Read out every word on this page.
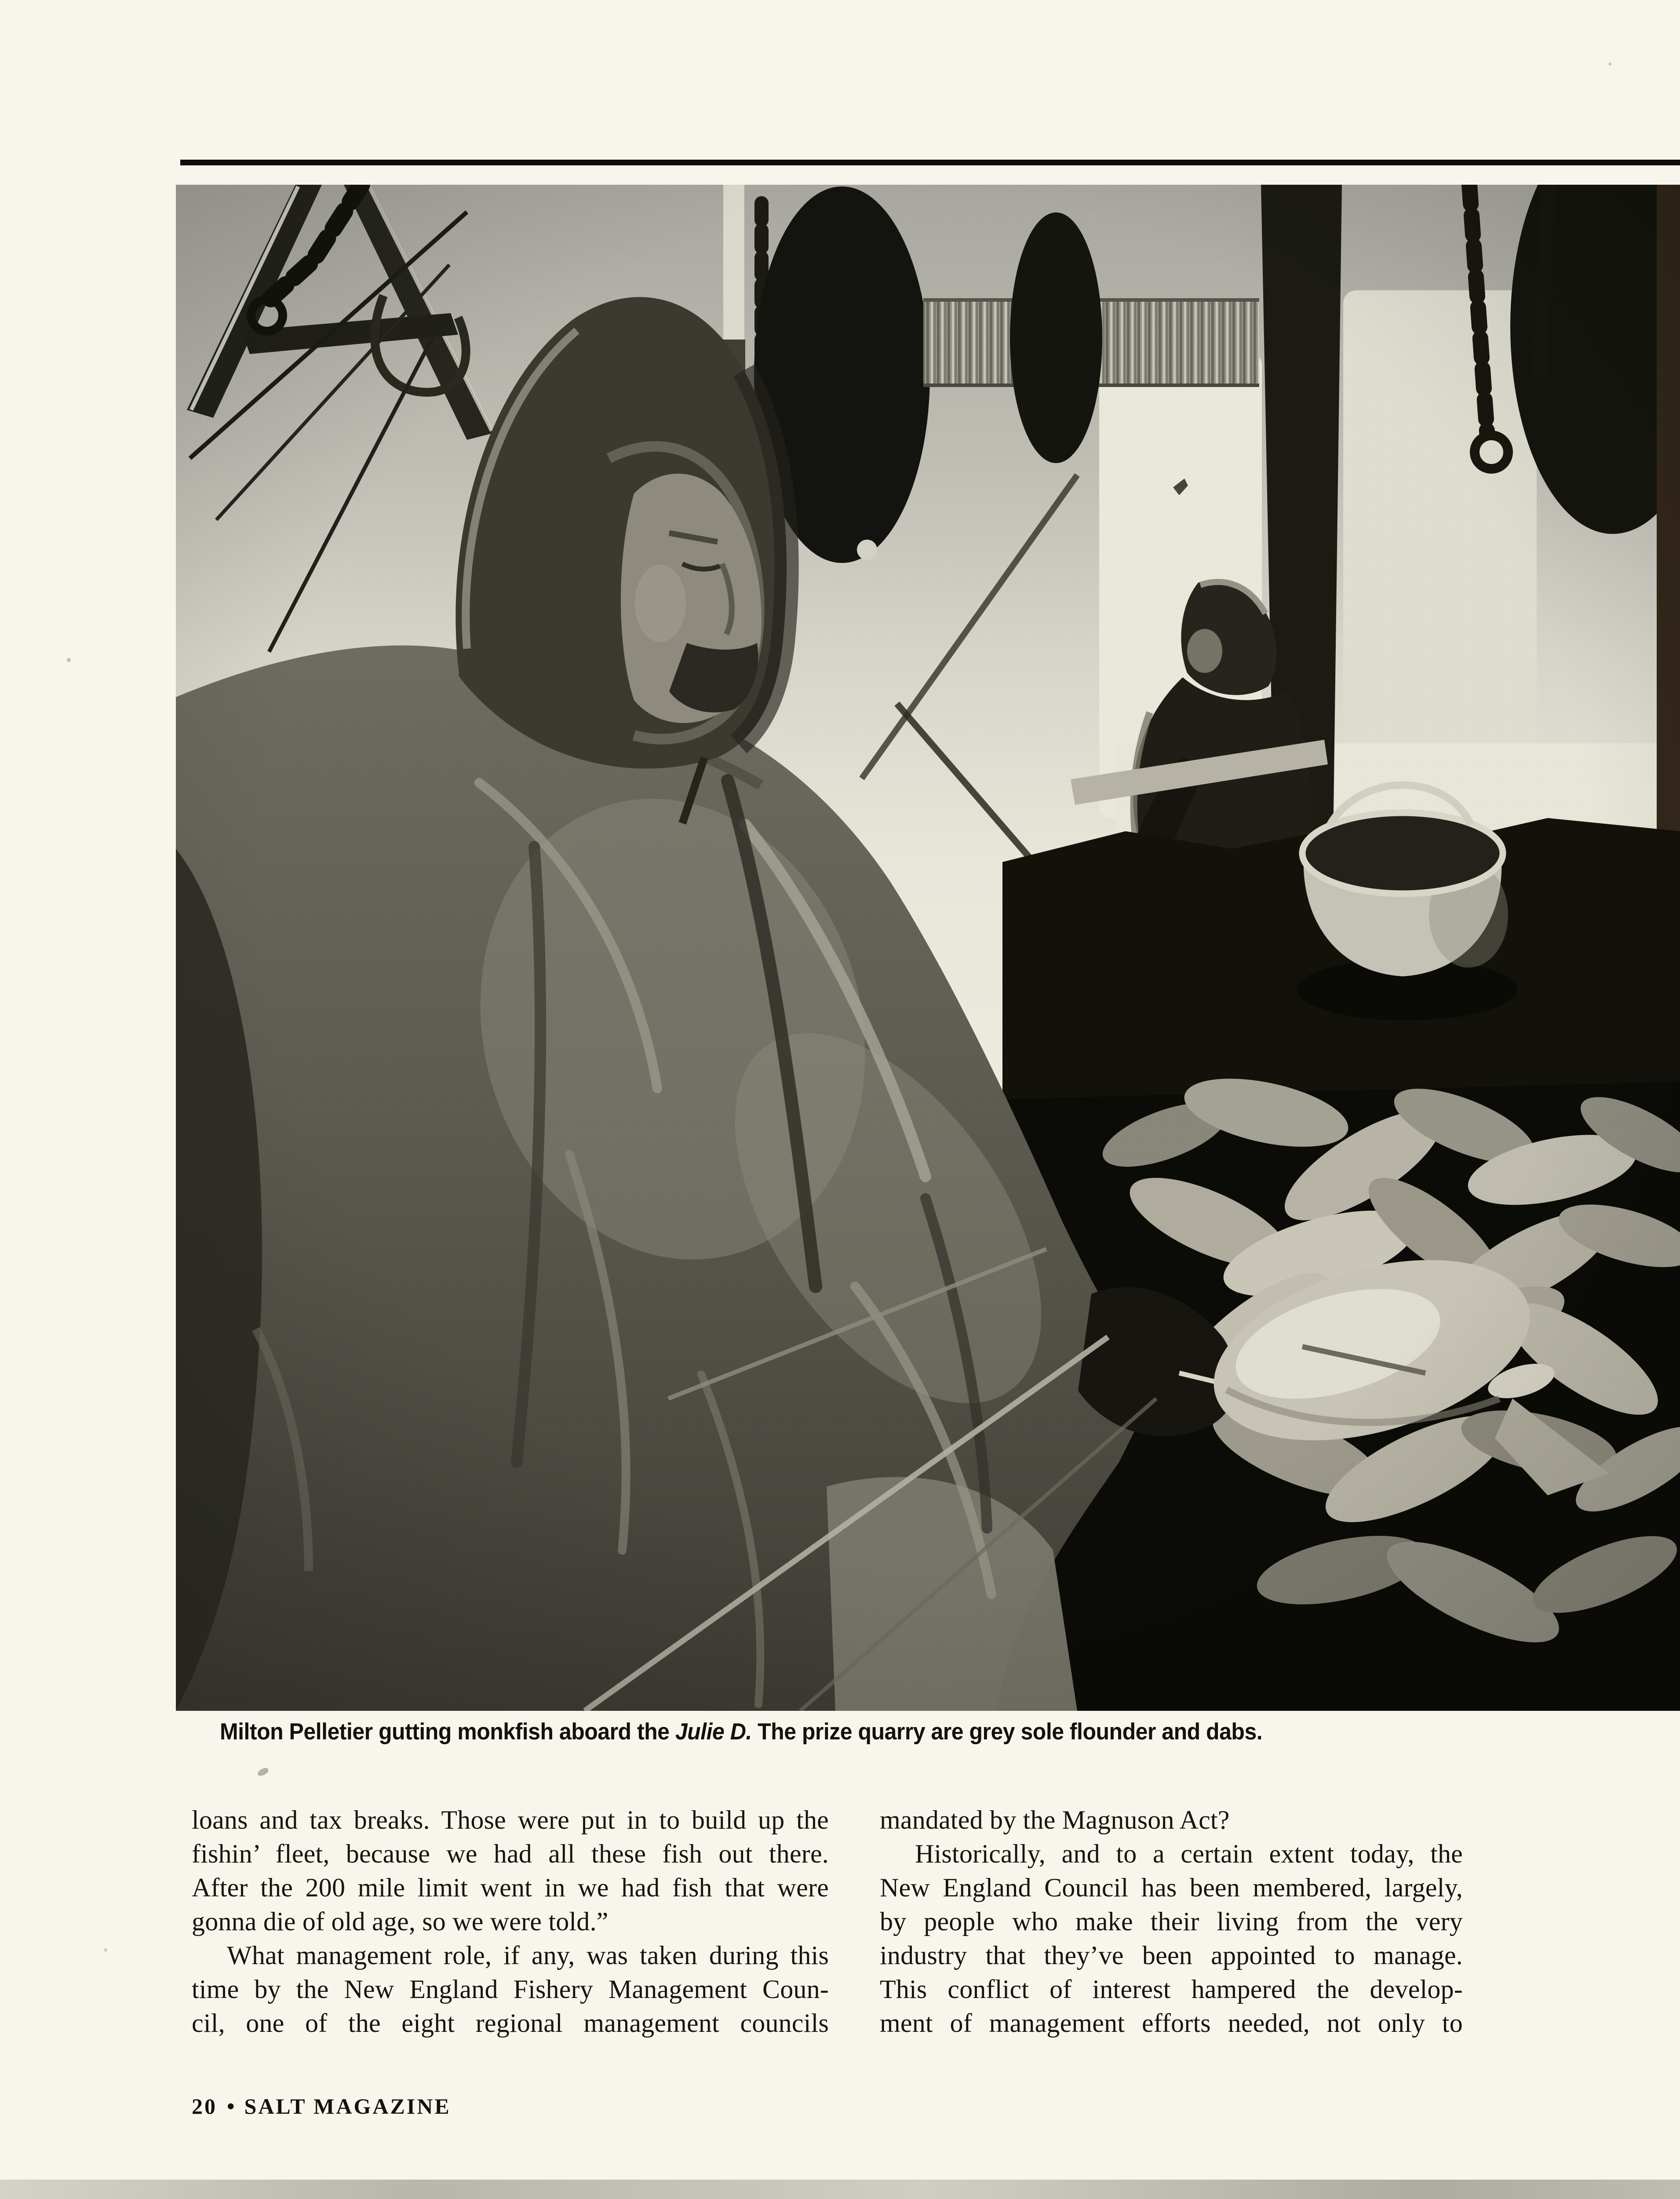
Milton Pelletier gutting monkfish aboard the Julie D. The prize quarry are grey sole flounder and dabs.
loans and tax breaks. Those were put in to build up the
fishin’ fleet, because we had all these fish out there.
After the 200 mile limit went in we had fish that were
gonna die of old age, so we were told.”
What management role, if any, was taken during this
time by the New England Fishery Management Coun-
cil, one of the eight regional management councils
mandated by the Magnuson Act?
Historically, and to a certain extent today, the
New England Council has been membered, largely,
by people who make their living from the very
industry that they’ve been appointed to manage.
This conflict of interest hampered the develop-
ment of management efforts needed, not only to
20 • SALT MAGAZINE
